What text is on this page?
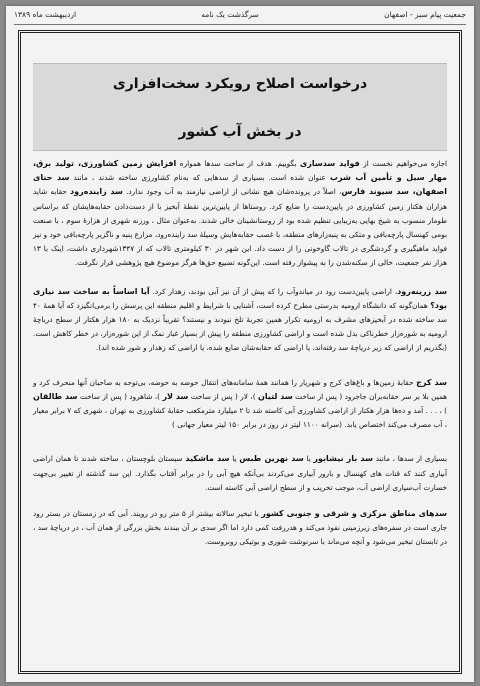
جمعیت پیام سبز - اصفهان
سرگذشت یک نامه
اردیبهشت ماه ۱۳۸۹
درخواست اصلاح رویکرد سخت‌افزاری
در بخش آب کشور

اجازه می‌خواهیم نخست از فواید سدسازی بگوییم. هدف از ساخت سدها همواره افزایش زمین کشاورزی، تولید برق، مهار سیل و تأمین آب شرب عنوان شده است. بسیاری از سدهایی که به‌نام کشاورزی ساخته شدند ، مانند سد حنای اصفهان، سد سیوند فارس، اصلاً در پرونده‌شان هیچ نشانی از اراضی نیازمند به آب وجود ندارد. سد زاینده‌رود حقابه شاید هزاران هکتار زمین کشاورزی در پایین‌دست را ضایع کرد. روستاها از پایین‌ترین نقطهٔ آبخیز با از دست‌دادن حقابه‌هایشان که براساس طومار منسوب به شیخ بهایی به‌زیبایی تنظیم شده بود از روستانشینان خالی شدند. به‌عنوان مثال ، ورزنه شهری از هزارهٔ سوم ، با صنعت بومی کهنسال پارچه‌بافی و متکی به پنبه‌زارهای منطقه، با غصب حقابه‌هایش وسیلهٔ سد زاینده‌رود، مزارع پنبه و ناگزیر پارچه‌بافی خود و نیز فواید ماهیگیری و گردشگری در تالاب گاوخونی را از دست داد. این شهر در ۳۰ کیلومتری تالاب که از ۱۳۴۷شهرداری داشت، اینک با ۱۳ هزار نفر جمعیت، خالی از سکنه‌شدن را به پیشواز رفته است. این‌گونه تضییع حق‌ها هرگز موضوع هیچ پژوهشی قرار نگرفت.

سد زرینه‌رود، اراضی پایین‌دست رود در میاندوآب را که پیش از آن نیز آبی بودند، زهدار کرد. آیا اساساً به ساخت سد نیازی بود؟ همان‌گونه که دانشگاه ارومیه بدرستی مطرح کرده است، آشنایی با شرایط و اقلیم منطقه این پرسش را برمی‌انگیزد که آیا همهٔ ۴۰ سد ساخته شده در آبخیزهای مشرف به ارومیه تکرار همین تجربهٔ تلخ نبودند و نیستند؟ تقریباً نزدیک به ۱۸۰ هزار هکتار از سطح دریاچهٔ ارومیه به شوره‌زار خطرناکی بدل شده است و اراضی کشاورزی منطقه را پیش از بسیار غبار نمک از این شوره‌زار، در خطر کاهش است. (بگذریم از اراضی که زیر دریاچهٔ سد رفته‌اند، یا اراضی که حقابه‌شان ضایع شده، یا اراضی که زهدار و شور شده اند).

سد کرج حقابهٔ زمین‌ها و باغ‌های کرج و شهریار را همانند همهٔ سامانه‌های انتقال حوضه به حوضه، بی‌توجه به صاحبان آنها منحرف کرد و همین بلا بر سر حقابه‌بران جاجرود ( پس از ساخت سد لتیان )، لار ( پس از ساخت سد لار )، شاهرود ( پس از ساخت سد طالقان ) ، . . . آمد و ده‌ها هزار هکتار از اراضی کشاورزی آبی کاسته شد تا ۲ میلیارد مترمکعب حقابهٔ کشاورزی به تهران ، شهری که ۷ برابر معیار ، آب مصرف می‌کند اختصاص یابد. (سرانه ۱۱۰۰ لیتر در روز در برابر ۱۵۰ لیتر معیار جهانی )

بسیاری از سدها ، مانند سد بار نیشابور یا سد نهرین طبس یا سد ماشکید سیستان بلوچستان ، ساخته شدند تا همان اراضی آبیاری کنند که قنات های کهنسال و بارور آبیاری می‌کردند بی‌آنکه هیچ آبی را در برابر آفتاب بگذارد. این سد گذشته از تغییر بی‌جهت خسارت آب‌سپاری اراضی آب، موجب تخریب و از سطح اراضی آبی کاسته است.

سدهای مناطق مرکزی و شرقی و جنوبی کشور با تبخیر سالانه بیشتر از ۵ متر رو در رویند. آبی که در زمستان در بستر رود جاری است در سفره‌های زیرزمینی نفوذ می‌کند و هدررفت کمی دارد اما اگر سدی بر آن ببندند بخش بزرگی از همان آب ، در دریاچهٔ سد ، در تابستان تبخیر می‌شود و آنچه می‌ماند با سرنوشت شوری و بوتیکی روبروست.
